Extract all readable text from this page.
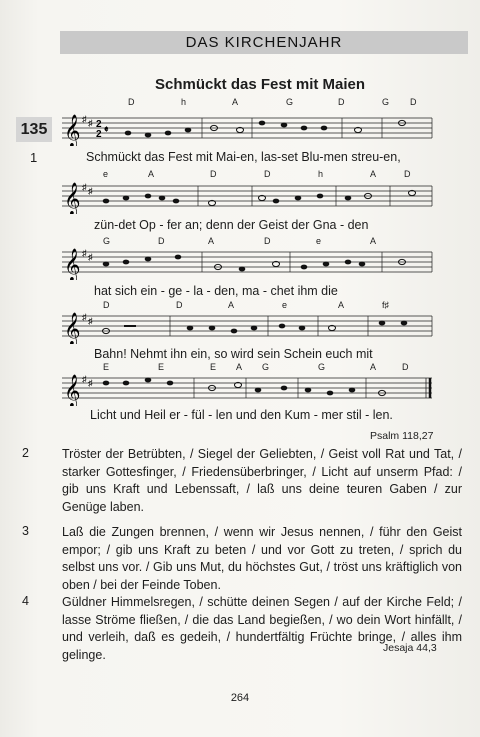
DAS KIRCHENJAHR
Schmückt das Fest mit Maien
135
1
D	h	A	G	D	G D
𝄞 ♯ ♯ 2
2 𝄵
Schmückt das Fest mit Mai-en, las-set Blu-men streu-en,
e	A	D	D	h	A	D
𝄞 ♯ ♯
zün-det Op - fer an; denn der Geist der Gna - den
G	D	A	D	e	A
𝄞 ♯ ♯
hat sich ein - ge - la - den, ma - chet ihm die
D	D	A	e	A	f♯
𝄞 ♯ ♯
Bahn! Nehmt ihn ein, so wird sein Schein euch mit
E	E	E A G	G	A	D
𝄞 ♯ ♯
Licht und Heil er - fül - len und den Kum - mer stil - len.
Psalm 118,27
2	Tröster der Betrübten, / Siegel der Geliebten, / Geist voll Rat und Tat, / starker Gottesfinger, / Friedensüberbringer, / Licht auf unserm Pfad: / gib uns Kraft und Lebenssaft, / laß uns deine teuren Gaben / zur Genüge laben.
3	Laß die Zungen brennen, / wenn wir Jesus nennen, / führ den Geist empor; / gib uns Kraft zu beten / und vor Gott zu treten, / sprich du selbst uns vor. / Gib uns Mut, du höchstes Gut, / tröst uns kräftiglich von oben / bei der Feinde Toben.
4	Güldner Himmelsregen, / schütte deinen Segen / auf der Kirche Feld; / lasse Ströme fließen, / die das Land begießen, / wo dein Wort hinfällt, / und verleih, daß es gedeih, / hundertfältig Früchte bringe, / alles ihm gelinge.	Jesaja 44,3
264
